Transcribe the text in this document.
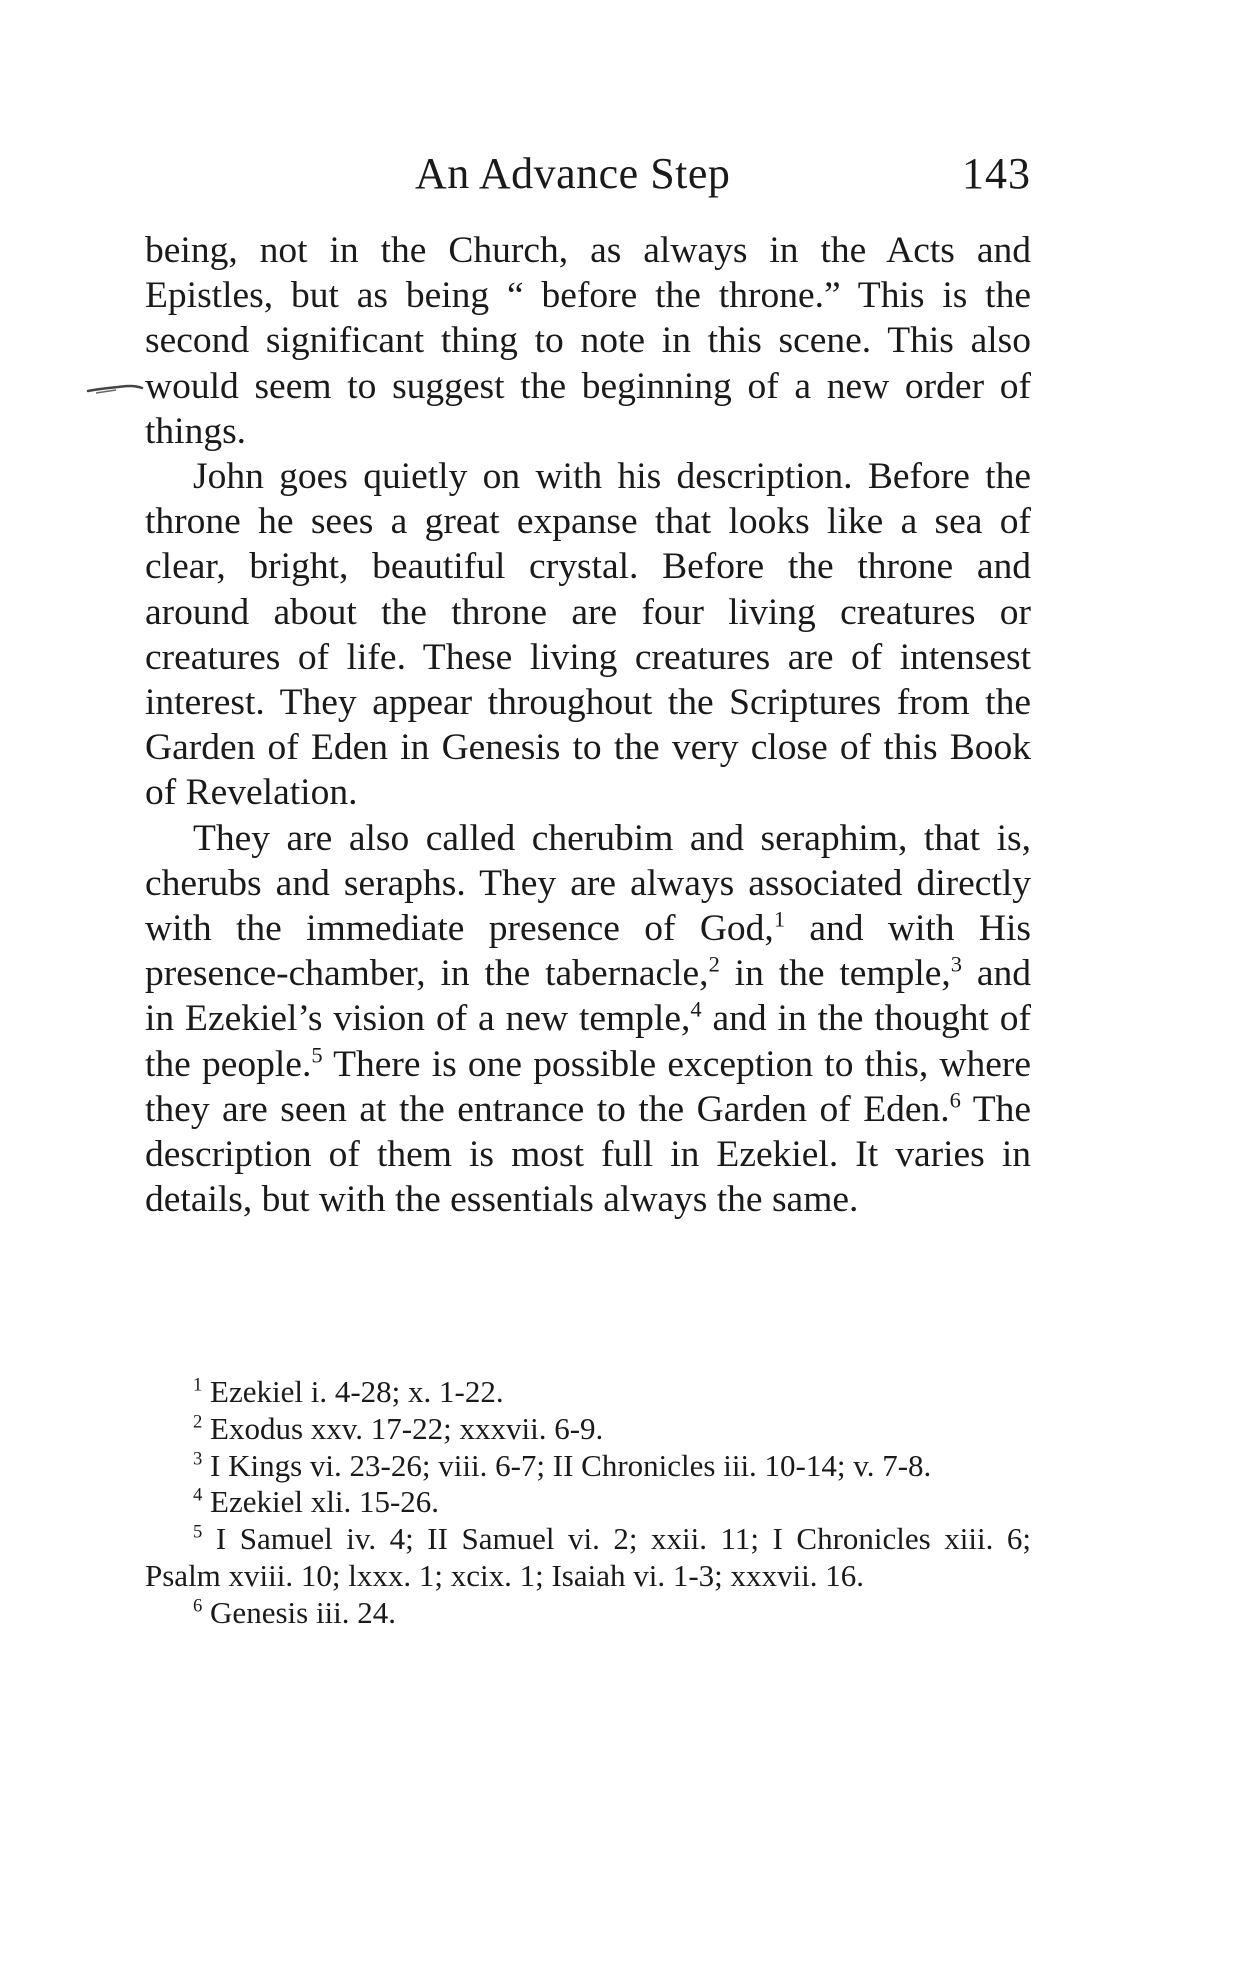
An Advance Step	143

being, not in the Church, as always in the Acts and Epistles, but as being “ before the throne.” This is the second significant thing to note in this scene. This also would seem to suggest the beginning of a new order of things.

John goes quietly on with his description. Before the throne he sees a great expanse that looks like a sea of clear, bright, beautiful crystal. Before the throne and around about the throne are four living creatures or creatures of life. These living creatures are of intensest interest. They appear throughout the Scriptures from the Garden of Eden in Genesis to the very close of this Book of Revelation.

They are also called cherubim and seraphim, that is, cherubs and seraphs. They are always associated directly with the immediate presence of God,$^1$ and with His presence-chamber, in the tabernacle,$^2$ in the temple,$^3$ and in Ezekiel’s vision of a new temple,$^4$ and in the thought of the people.$^5$ There is one possible exception to this, where they are seen at the entrance to the Garden of Eden.$^6$ The description of them is most full in Ezekiel. It varies in details, but with the essentials always the same.

$^1$ Ezekiel i. 4-28; x. 1-22.

$^2$ Exodus xxv. 17-22; xxxvii. 6-9.

$^3$ I Kings vi. 23-26; viii. 6-7; II Chronicles iii. 10-14; v. 7-8.

$^4$ Ezekiel xli. 15-26.

$^5$ I Samuel iv. 4; II Samuel vi. 2; xxii. 11; I Chronicles xiii. 6; Psalm xviii. 10; lxxx. 1; xcix. 1; Isaiah vi. 1-3; xxxvii. 16.

$^6$ Genesis iii. 24.
